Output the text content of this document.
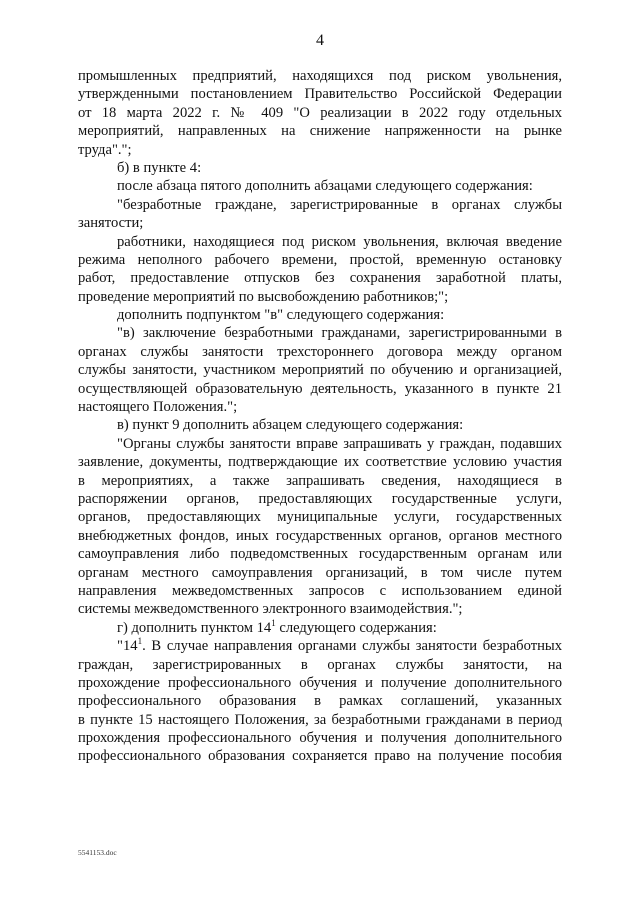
4
промышленных предприятий, находящихся под риском увольнения,
утвержденными постановлением Правительство Российской Федерации
от 18 марта 2022 г. № 409 "О реализации в 2022 году отдельных
мероприятий, направленных на снижение напряженности на рынке
труда".";
б) в пункте 4:
после абзаца пятого дополнить абзацами следующего содержания:
"безработные граждане, зарегистрированные в органах службы
занятости;
работники, находящиеся под риском увольнения, включая введение
режима неполного рабочего времени, простой, временную остановку
работ, предоставление отпусков без сохранения заработной платы,
проведение мероприятий по высвобождению работников;";
дополнить подпунктом "в" следующего содержания:
"в) заключение безработными гражданами, зарегистрированными в
органах службы занятости трехстороннего договора между органом
службы занятости, участником мероприятий по обучению и организацией,
осуществляющей образовательную деятельность, указанного в пункте 21
настоящего Положения.";
в) пункт 9 дополнить абзацем следующего содержания:
"Органы службы занятости вправе запрашивать у граждан, подавших
заявление, документы, подтверждающие их соответствие условию участия
в мероприятиях, а также запрашивать сведения, находящиеся в
распоряжении органов, предоставляющих государственные услуги,
органов, предоставляющих муниципальные услуги, государственных
внебюджетных фондов, иных государственных органов, органов местного
самоуправления либо подведомственных государственным органам или
органам местного самоуправления организаций, в том числе путем
направления межведомственных запросов с использованием единой
системы межведомственного электронного взаимодействия.";
г) дополнить пунктом $14^1$ следующего содержания:
"$14^1$. В случае направления органами службы занятости безработных
граждан, зарегистрированных в органах службы занятости, на
прохождение профессионального обучения и получение дополнительного
профессионального образования в рамках соглашений, указанных
в пункте 15 настоящего Положения, за безработными гражданами в период
прохождения профессионального обучения и получения дополнительного
профессионального образования сохраняется право на получение пособия
5541153.doc
